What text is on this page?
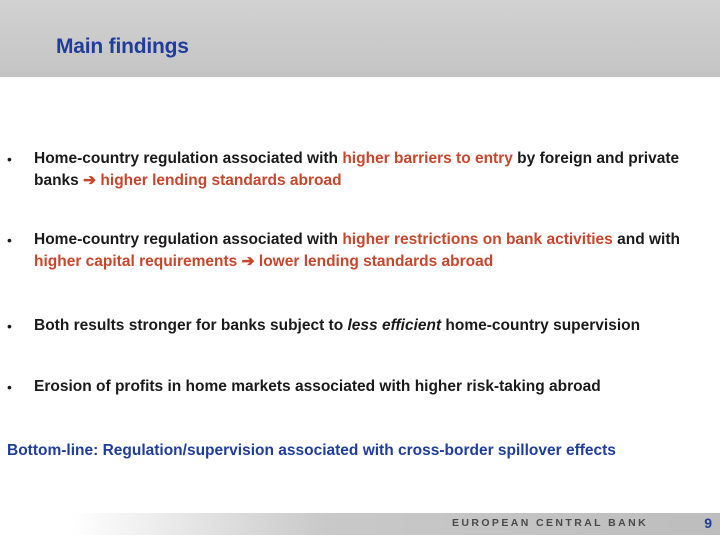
Main findings
• Home-country regulation associated with higher barriers to entry by foreign and private banks ➔ higher lending standards abroad
• Home-country regulation associated with higher restrictions on bank activities and with higher capital requirements ➔ lower lending standards abroad
• Both results stronger for banks subject to less efficient home-country supervision
• Erosion of profits in home markets associated with higher risk-taking abroad
Bottom-line: Regulation/supervision associated with cross-border spillover effects
EUROPEAN CENTRAL BANK	9
